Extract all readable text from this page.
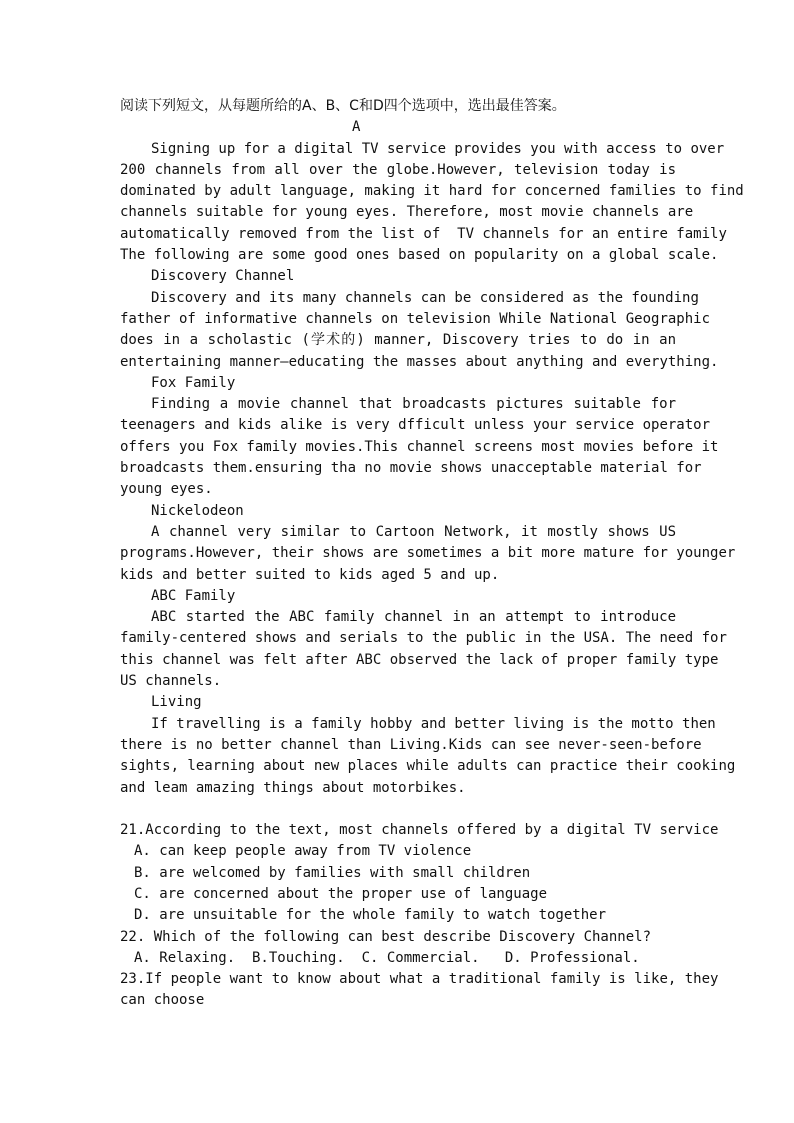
阅读下列短文，从每题所给的A、B、C和D四个选项中，选出最佳答案。
A
Signing up for a digital TV service provides you with access to over
200 channels from all over the globe.However, television today is
dominated by adult language, making it hard for concerned families to find
channels suitable for young eyes. Therefore, most movie channels are
automatically removed from the list of  TV channels for an entire family
The following are some good ones based on popularity on a global scale.
Discovery Channel
Discovery and its many channels can be considered as the founding
father of informative channels on television While National Geographic
does in a scholastic (学术的) manner, Discovery tries to do in an
entertaining manner—educating the masses about anything and everything.
Fox Family
Finding a movie channel that broadcasts pictures suitable for
teenagers and kids alike is very dfficult unless your service operator
offers you Fox family movies.This channel screens most movies before it
broadcasts them.ensuring tha no movie shows unacceptable material for
young eyes.
Nickelodeon
A channel very similar to Cartoon Network, it mostly shows US
programs.However, their shows are sometimes a bit more mature for younger
kids and better suited to kids aged 5 and up.
ABC Family
ABC started the ABC family channel in an attempt to introduce
family-centered shows and serials to the public in the USA. The need for
this channel was felt after ABC observed the lack of proper family type
US channels.
Living
If travelling is a family hobby and better living is the motto then
there is no better channel than Living.Kids can see never-seen-before
sights, learning about new places while adults can practice their cooking
and leam amazing things about motorbikes.
21.According to the text, most channels offered by a digital TV service
A. can keep people away from TV violence
B. are welcomed by families with small children
C. are concerned about the proper use of language
D. are unsuitable for the whole family to watch together
22. Which of the following can best describe Discovery Channel?
A. Relaxing.  B.Touching.  C. Commercial.   D. Professional.
23.If people want to know about what a traditional family is like, they
can choose
